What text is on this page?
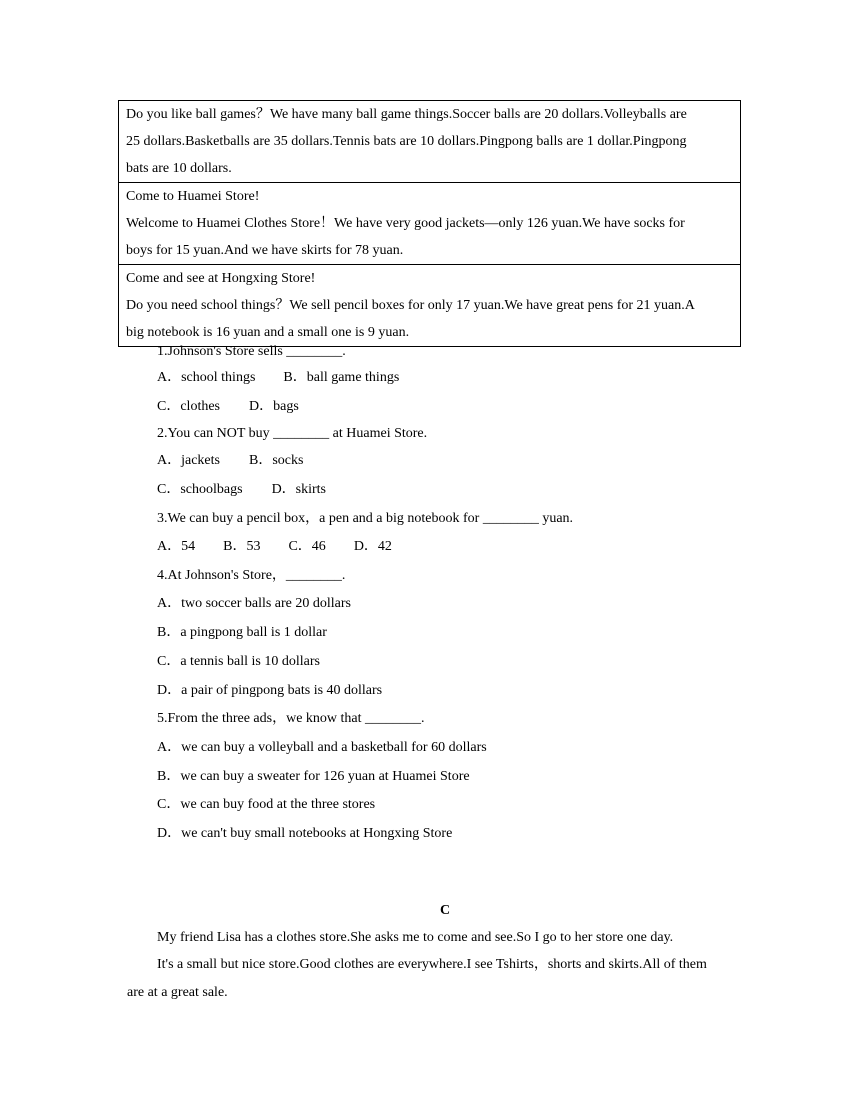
Do you like ball games？We have many ball game things.Soccer balls are 20 dollars.Volleyballs are
25 dollars.Basketballs are 35 dollars.Tennis bats are 10 dollars.Pingpong balls are 1 dollar.Pingpong
bats are 10 dollars.

Come to Huamei Store!
Welcome to Huamei Clothes Store！We have very good jackets—only 126 yuan.We have socks for
boys for 15 yuan.And we have skirts for 78 yuan.

Come and see at Hongxing Store!
Do you need school things？We sell pencil boxes for only 17 yuan.We have great pens for 21 yuan.A
big notebook is 16 yuan and a small one is 9 yuan.
1.Johnson's Store sells ________.
A．school things B．ball game things
C．clothes D．bags
2.You can NOT buy ________ at Huamei Store.
A．jackets B．socks
C．schoolbags D．skirts
3.We can buy a pencil box，a pen and a big notebook for ________ yuan.
A．54 B．53 C．46 D．42
4.At Johnson's Store，________.
A．two soccer balls are 20 dollars
B．a pingpong ball is 1 dollar
C．a tennis ball is 10 dollars
D．a pair of pingpong bats is 40 dollars
5.From the three ads，we know that ________.
A．we can buy a volleyball and a basketball for 60 dollars
B．we can buy a sweater for 126 yuan at Huamei Store
C．we can buy food at the three stores
D．we can't buy small notebooks at Hongxing Store
C
My friend Lisa has a clothes store.She asks me to come and see.So I go to her store one day.
It's a small but nice store.Good clothes are everywhere.I see Tshirts，shorts and skirts.All of them
are at a great sale.
